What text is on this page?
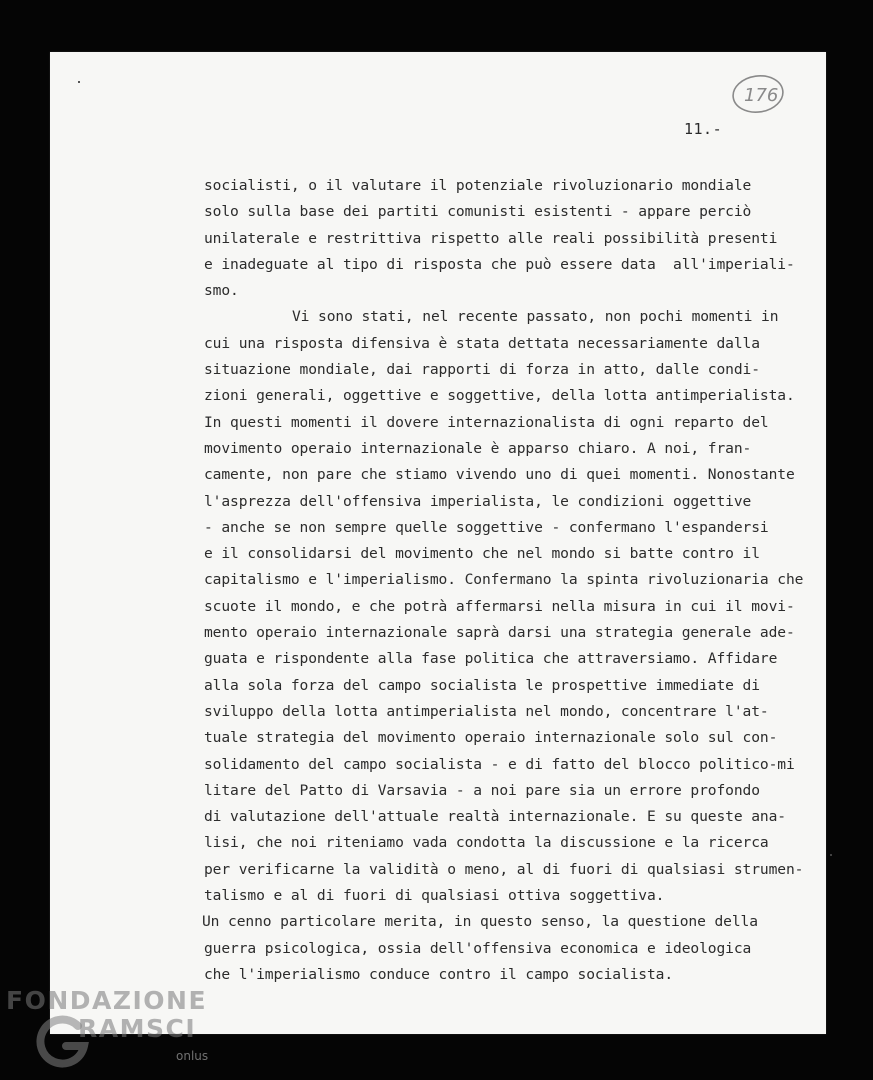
176
11.-
socialisti, o il valutare il potenziale rivoluzionario mondiale
solo sulla base dei partiti comunisti esistenti - appare perciò
unilaterale e restrittiva rispetto alle reali possibilità presenti
e inadeguate al tipo di risposta che può essere data  all'imperiali-
smo.
Vi sono stati, nel recente passato, non pochi momenti in
cui una risposta difensiva è stata dettata necessariamente dalla
situazione mondiale, dai rapporti di forza in atto, dalle condi-
zioni generali, oggettive e soggettive, della lotta antimperialista.
In questi momenti il dovere internazionalista di ogni reparto del
movimento operaio internazionale è apparso chiaro. A noi, fran-
camente, non pare che stiamo vivendo uno di quei momenti. Nonostante
l'asprezza dell'offensiva imperialista, le condizioni oggettive
- anche se non sempre quelle soggettive - confermano l'espandersi
e il consolidarsi del movimento che nel mondo si batte contro il
capitalismo e l'imperialismo. Confermano la spinta rivoluzionaria che
scuote il mondo, e che potrà affermarsi nella misura in cui il movi-
mento operaio internazionale saprà darsi una strategia generale ade-
guata e rispondente alla fase politica che attraversiamo. Affidare
alla sola forza del campo socialista le prospettive immediate di
sviluppo della lotta antimperialista nel mondo, concentrare l'at-
tuale strategia del movimento operaio internazionale solo sul con-
solidamento del campo socialista - e di fatto del blocco politico-mi
litare del Patto di Varsavia - a noi pare sia un errore profondo
di valutazione dell'attuale realtà internazionale. E su queste ana-
lisi, che noi riteniamo vada condotta la discussione e la ricerca
per verificarne la validità o meno, al di fuori di qualsiasi strumen-
talismo e al di fuori di qualsiasi ottiva soggettiva.
Un cenno particolare merita, in questo senso, la questione della
guerra psicologica, ossia dell'offensiva economica e ideologica
che l'imperialismo conduce contro il campo socialista.
FONDAZIONE
RAMSCI
onlus
